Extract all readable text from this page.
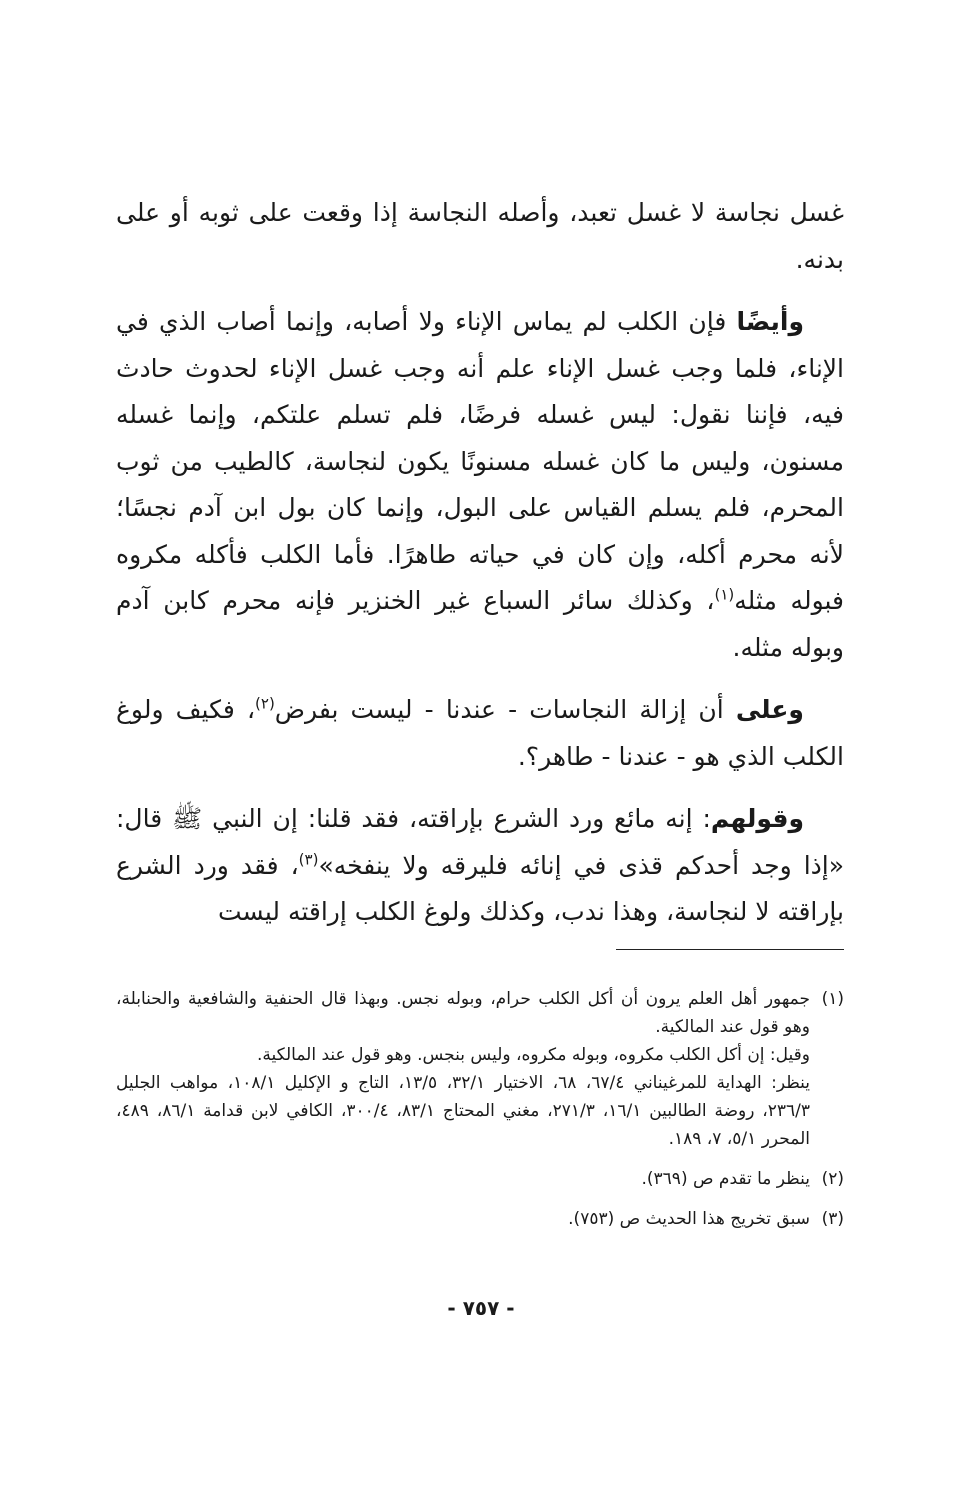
غسل نجاسة لا غسل تعبد، وأصله النجاسة إذا وقعت على ثوبه أو على بدنه.

وأيضًا فإن الكلب لم يماس الإناء ولا أصابه، وإنما أصاب الذي في الإناء، فلما وجب غسل الإناء علم أنه وجب غسل الإناء لحدوث حادث فيه، فإننا نقول: ليس غسله فرضًا، فلم تسلم علتكم، وإنما غسله مسنون، وليس ما كان غسله مسنونًا يكون لنجاسة، كالطيب من ثوب المحرم، فلم يسلم القياس على البول، وإنما كان بول ابن آدم نجسًا؛ لأنه محرم أكله، وإن كان في حياته طاهرًا. فأما الكلب فأكله مكروه فبوله مثله$^{(١)}$، وكذلك سائر السباع غير الخنزير فإنه محرم كابن آدم وبوله مثله.

وعلى أن إزالة النجاسات - عندنا - ليست بفرض$^{(٢)}$، فكيف ولوغ الكلب الذي هو - عندنا - طاهر؟.

وقولهم: إنه مائع ورد الشرع بإراقته، فقد قلنا: إن النبي ﷺ قال: «إذا وجد أحدكم قذى في إنائه فليرقه ولا ينفخه»$^{(٣)}$، فقد ورد الشرع بإراقته لا لنجاسة، وهذا ندب، وكذلك ولوغ الكلب إراقته ليست

(١)
جمهور أهل العلم يرون أن أكل الكلب حرام، وبوله نجس. وبهذا قال الحنفية والشافعية والحنابلة، وهو قول عند المالكية.
وقيل: إن أكل الكلب مكروه، وبوله مكروه، وليس بنجس. وهو قول عند المالكية.
ينظر: الهداية للمرغيناني ٦٧/٤، ٦٨، الاختيار ٣٢/١، ١٣/٥، التاج و الإكليل ١٠٨/١، مواهب الجليل ٢٣٦/٣، روضة الطالبين ١٦/١، ٢٧١/٣، مغني المحتاج ٨٣/١، ٣٠٠/٤، الكافي لابن قدامة ٨٦/١، ٤٨٩، المحرر ٥/١، ٧، ١٨٩.
(٢)
ينظر ما تقدم ص (٣٦٩).
(٣)
سبق تخريج هذا الحديث ص (٧٥٣).
- ٧٥٧ -
